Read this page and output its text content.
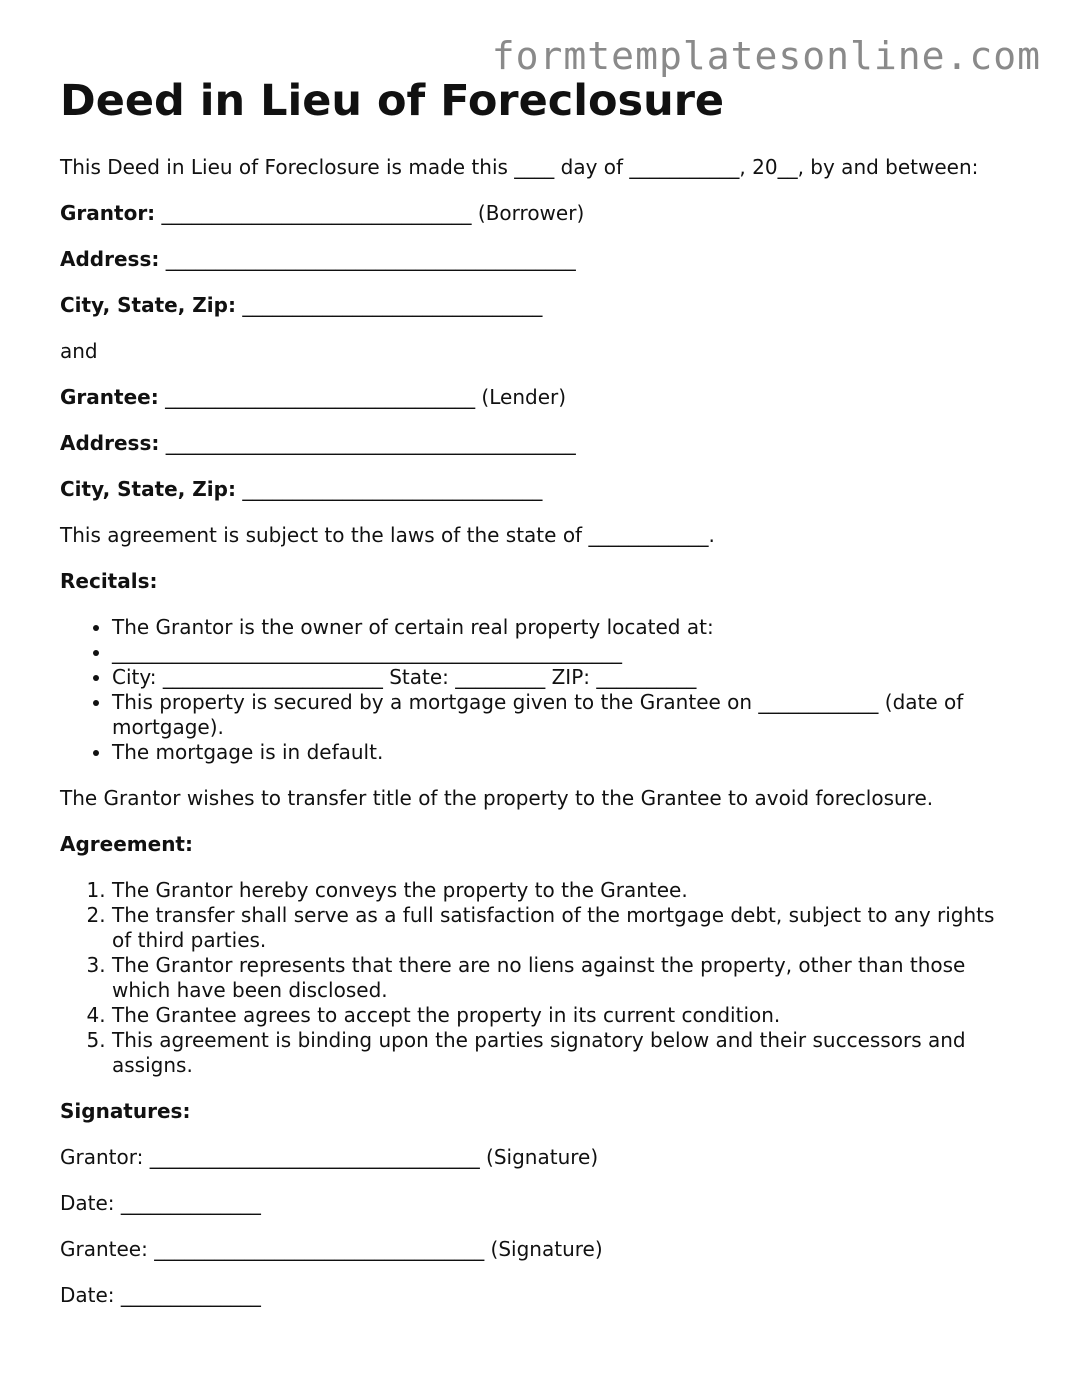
formtemplatesonline.com
Deed in Lieu of Foreclosure

This Deed in Lieu of Foreclosure is made this ____ day of ___________, 20__, by and between:

Grantor: _______________________________ (Borrower)

Address: _________________________________________

City, State, Zip: ______________________________

and

Grantee: _______________________________ (Lender)

Address: _________________________________________

City, State, Zip: ______________________________

This agreement is subject to the laws of the state of ____________.

Recitals:

• The Grantor is the owner of certain real property located at:
• ___________________________________________________
• City: ______________________ State: _________ ZIP: __________
• This property is secured by a mortgage given to the Grantee on ____________ (date of mortgage).
• The mortgage is in default.

The Grantor wishes to transfer title of the property to the Grantee to avoid foreclosure.

Agreement:

1. The Grantor hereby conveys the property to the Grantee.
2. The transfer shall serve as a full satisfaction of the mortgage debt, subject to any rights of third parties.
3. The Grantor represents that there are no liens against the property, other than those which have been disclosed.
4. The Grantee agrees to accept the property in its current condition.
5. This agreement is binding upon the parties signatory below and their successors and assigns.

Signatures:

Grantor: _________________________________ (Signature)

Date: ______________

Grantee: _________________________________ (Signature)

Date: ______________
